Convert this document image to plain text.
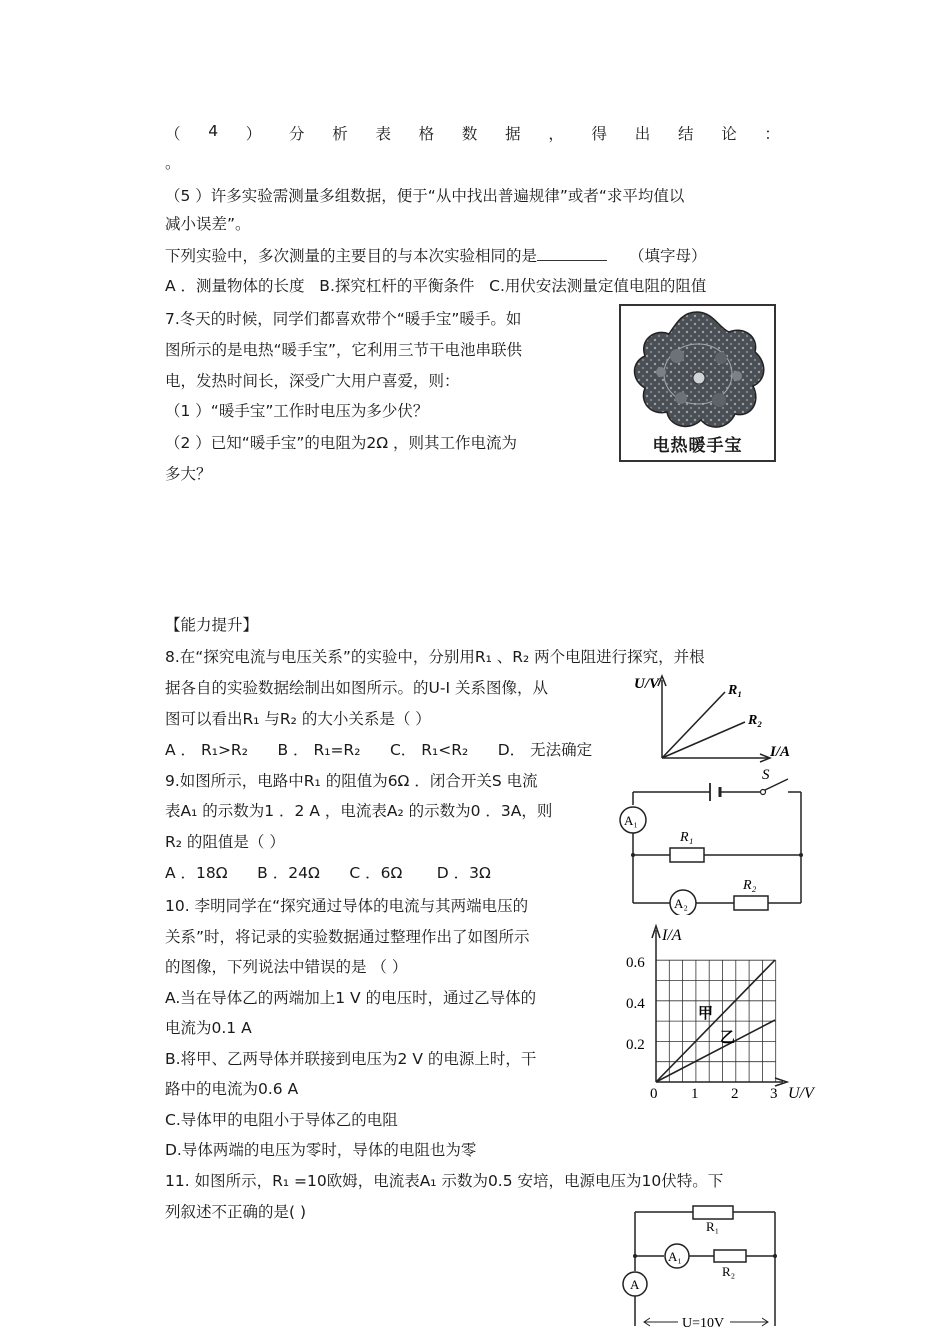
（ 4 ） 分 析 表 格 数 据 ， 得 出 结 论 ：
。
（5 ）许多实验需测量多组数据，便于“从中找出普遍规律”或者“求平均值以
减小误差”。
下列实验中，多次测量的主要目的与本次实验相同的是	（填字母）
A ．测量物体的长度   B.探究杠杆的平衡条件   C.用伏安法测量定值电阻的阻值
7.冬天的时候，同学们都喜欢带个“暖手宝”暖手。如
图所示的是电热“暖手宝”，它利用三节干电池串联供
电，发热时间长，深受广大用户喜爱，则：
（1 ）“暖手宝”工作时电压为多少伏？
（2 ）已知“暖手宝”的电阻为2Ω ，则其工作电流为
多大？
电热暖手宝
【能力提升】
8.在“探究电流与电压关系”的实验中，分别用R₁ 、R₂ 两个电阻进行探究，并根
据各自的实验数据绘制出如图所示。的U-I 关系图像，从
图可以看出R₁ 与R₂ 的大小关系是（ ）
A ． R₁>R₂      B ． R₁=R₂      C． R₁<R₂      D． 无法确定
U/V
I/A
R₁
R₂
9.如图所示，电路中R₁ 的阻值为6Ω ．闭合开关S 电流
表A₁ 的示数为1 ．2 A ，电流表A₂ 的示数为0 ．3A，则
R₂ 的阻值是（ ）
A ．18Ω      B ．24Ω      C ．6Ω       D ．3Ω
S
A₁
R₁
A₂
R₂
10. 李明同学在“探究通过导体的电流与其两端电压的
关系”时，将记录的实验数据通过整理作出了如图所示
的图像，下列说法中错误的是 （ ）
A.当在导体乙的两端加上1 V 的电压时，通过乙导体的
电流为0.1 A
B.将甲、乙两导体并联接到电压为2 V 的电源上时，干
路中的电流为0.6 A
C.导体甲的电阻小于导体乙的电阻
D.导体两端的电压为零时，导体的电阻也为零
I/A
U/V
0.6
0.4
0.2
0 1 2 3
甲
乙
11. 如图所示，R₁ =10欧姆，电流表A₁ 示数为0.5 安培，电源电压为10伏特。下
列叙述不正确的是( )
R₁
A₁
R₂
A
U=10V
